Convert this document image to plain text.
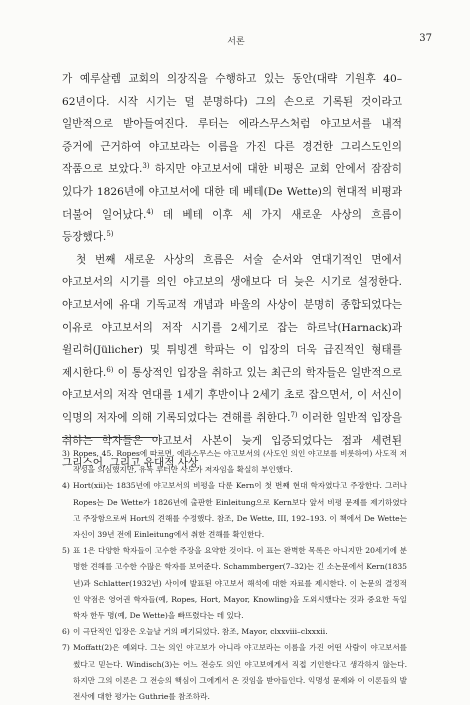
서론	37

가 예루살렘 교회의 의장직을 수행하고 있는 동안(대략 기원후 40–62년이다. 시작 시기는 덜 분명하다) 그의 손으로 기록된 것이라고 일반적으로 받아들여진다. 루터는 에라스무스처럼 야고보서를 내적 증거에 근거하여 야고보라는 이름을 가진 다른 경건한 그리스도인의 작품으로 보았다.$^{3)}$ 하지만 야고보서에 대한 비평은 교회 안에서 잠잠히 있다가 1826년에 야고보서에 대한 데 베테(De Wette)의 현대적 비평과 더불어 일어났다.$^{4)}$ 데 베테 이후 세 가지 새로운 사상의 흐름이 등장했다.$^{5)}$

첫 번째 새로운 사상의 흐름은 서술 순서와 연대기적인 면에서 야고보서의 시기를 의인 야고보의 생애보다 더 늦은 시기로 설정한다. 야고보서에 유대 기독교적 개념과 바울의 사상이 분명히 종합되었다는 이유로 야고보서의 저작 시기를 2세기로 잡는 하르낙(Harnack)과 윌리허(Jülicher) 및 튀빙겐 학파는 이 입장의 더욱 급진적인 형태를 제시한다.$^{6)}$ 이 통상적인 입장을 취하고 있는 최근의 학자들은 일반적으로 야고보서의 저작 연대를 1세기 후반이나 2세기 초로 잡으면서, 이 서신이 익명의 저자에 의해 기록되었다는 견해를 취한다.$^{7)}$ 이러한 일반적 입장을 취하는 학자들은 야고보서 사본이 늦게 입증되었다는 점과 세련된 그리스어, 그리고 유대적 사상

3) Ropes, 45. Ropes에 따르면, 에라스무스는 야고보서의 (사도인 의인 야고보를 비롯하여) 사도적 저작성을 의심했지만, 유독 루터만 사도가 저자임을 확실히 부인했다.
4) Hort(xii)는 1835년에 야고보서의 비평을 다룬 Kern이 첫 번째 현대 학자였다고 주장한다. 그러나 Ropes는 De Wette가 1826년에 출판한 Einleitung으로 Kern보다 앞서 비평 문제를 제기하였다고 주장함으로써 Hort의 견해를 수정했다. 참조, De Wette, III, 192–193. 이 책에서 De Wette는 자신이 39년 전에 Einleitung에서 취한 견해를 확인한다.
5) 표 1은 다양한 학자들이 고수한 주장을 요약한 것이다. 이 표는 완벽한 목록은 아니지만 20세기에 분명한 견해를 고수한 수많은 학자를 보여준다. Schammberger(7–32)는 긴 소논문에서 Kern(1835년)과 Schlatter(1932년) 사이에 발표된 야고보서 해석에 대한 자료를 제시한다. 이 논문의 결정적인 약점은 영어권 학자들(예, Ropes, Hort, Mayor, Knowling)을 도외시했다는 것과 중요한 독일 학자 한두 명(예, De Wette)을 빠뜨렸다는 데 있다.
6) 이 극단적인 입장은 오늘날 거의 폐기되었다. 참조, Mayor, clxxviii–clxxxii.
7) Moffatt(2)은 예외다. 그는 의인 야고보가 아니라 야고보라는 이름을 가진 어떤 사람이 야고보서를 썼다고 믿는다. Windisch(3)는 어느 전승도 의인 야고보에게서 직접 기인한다고 생각하지 않는다. 하지만 그의 이론은 그 전승의 핵심이 그에게서 온 것임을 받아들인다. 익명성 문제와 이 이론들의 발전사에 대한 평가는 Guthrie를 참조하라.
